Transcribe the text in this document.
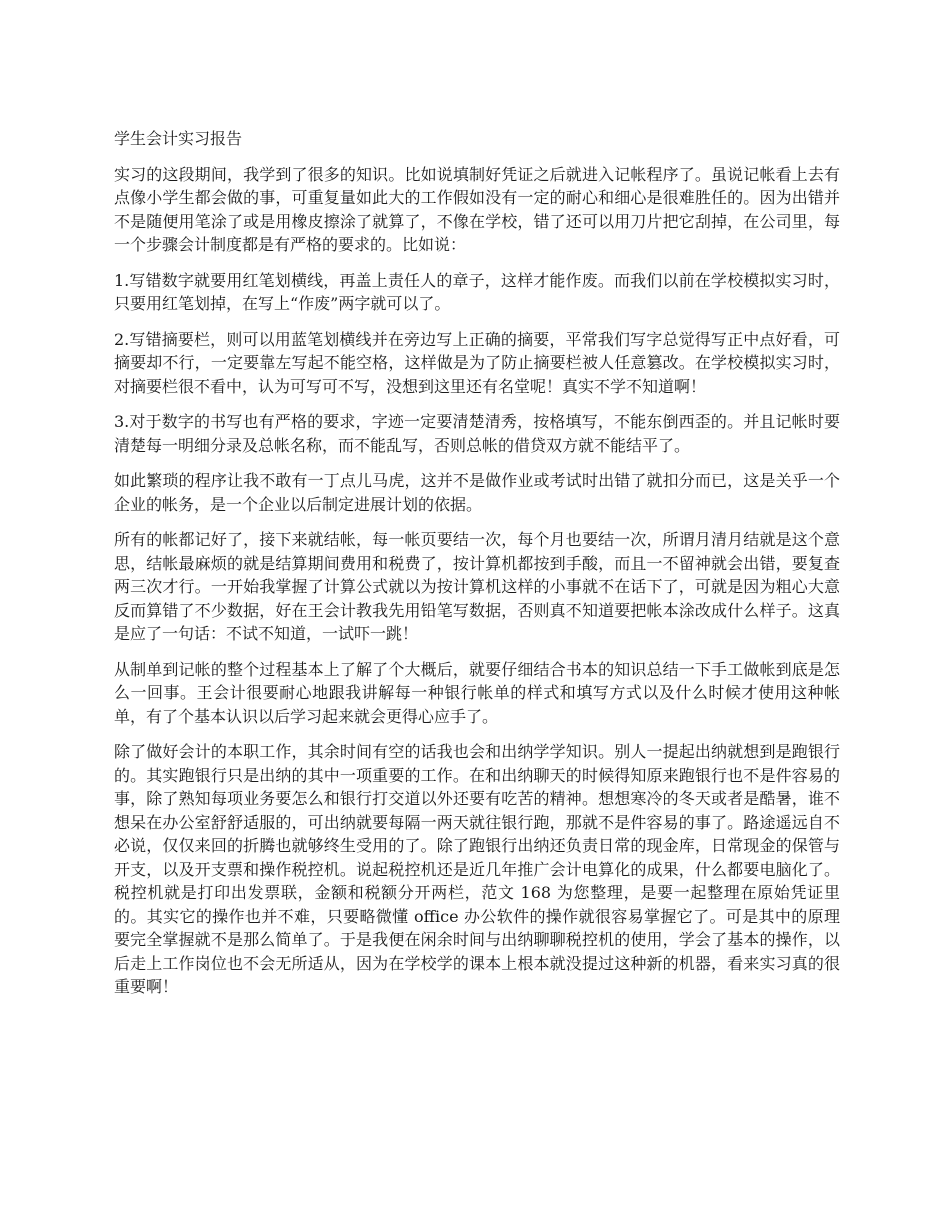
学生会计实习报告

实习的这段期间，我学到了很多的知识。比如说填制好凭证之后就进入记帐程序了。虽说记帐看上去有点像小学生都会做的事，可重复量如此大的工作假如没有一定的耐心和细心是很难胜任的。因为出错并不是随便用笔涂了或是用橡皮擦涂了就算了，不像在学校，错了还可以用刀片把它刮掉，在公司里，每一个步骤会计制度都是有严格的要求的。比如说：

1.写错数字就要用红笔划横线，再盖上责任人的章子，这样才能作废。而我们以前在学校模拟实习时，只要用红笔划掉，在写上“作废”两字就可以了。

2.写错摘要栏，则可以用蓝笔划横线并在旁边写上正确的摘要，平常我们写字总觉得写正中点好看，可摘要却不行，一定要靠左写起不能空格，这样做是为了防止摘要栏被人任意篡改。在学校模拟实习时，对摘要栏很不看中，认为可写可不写，没想到这里还有名堂呢！真实不学不知道啊！

3.对于数字的书写也有严格的要求，字迹一定要清楚清秀，按格填写，不能东倒西歪的。并且记帐时要清楚每一明细分录及总帐名称，而不能乱写，否则总帐的借贷双方就不能结平了。

如此繁琐的程序让我不敢有一丁点儿马虎，这并不是做作业或考试时出错了就扣分而已，这是关乎一个企业的帐务，是一个企业以后制定进展计划的依据。

所有的帐都记好了，接下来就结帐，每一帐页要结一次，每个月也要结一次，所谓月清月结就是这个意思，结帐最麻烦的就是结算期间费用和税费了，按计算机都按到手酸，而且一不留神就会出错，要复查两三次才行。一开始我掌握了计算公式就以为按计算机这样的小事就不在话下了，可就是因为粗心大意反而算错了不少数据，好在王会计教我先用铅笔写数据，否则真不知道要把帐本涂改成什么样子。这真是应了一句话：不试不知道，一试吓一跳！

从制单到记帐的整个过程基本上了解了个大概后，就要仔细结合书本的知识总结一下手工做帐到底是怎么一回事。王会计很要耐心地跟我讲解每一种银行帐单的样式和填写方式以及什么时候才使用这种帐单，有了个基本认识以后学习起来就会更得心应手了。

除了做好会计的本职工作，其余时间有空的话我也会和出纳学学知识。别人一提起出纳就想到是跑银行的。其实跑银行只是出纳的其中一项重要的工作。在和出纳聊天的时候得知原来跑银行也不是件容易的事，除了熟知每项业务要怎么和银行打交道以外还要有吃苦的精神。想想寒冷的冬天或者是酷暑，谁不想呆在办公室舒舒适服的，可出纳就要每隔一两天就往银行跑，那就不是件容易的事了。路途遥远自不必说，仅仅来回的折腾也就够终生受用的了。除了跑银行出纳还负责日常的现金库，日常现金的保管与开支，以及开支票和操作税控机。说起税控机还是近几年推广会计电算化的成果，什么都要电脑化了。税控机就是打印出发票联，金额和税额分开两栏，范文 168 为您整理，是要一起整理在原始凭证里的。其实它的操作也并不难，只要略微懂 office 办公软件的操作就很容易掌握它了。可是其中的原理要完全掌握就不是那么简单了。于是我便在闲余时间与出纳聊聊税控机的使用，学会了基本的操作，以后走上工作岗位也不会无所适从，因为在学校学的课本上根本就没提过这种新的机器，看来实习真的很重要啊！
